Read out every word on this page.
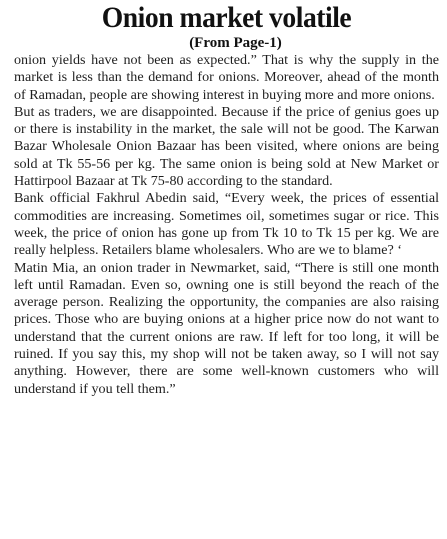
Onion market volatile
(From Page-1)

onion yields have not been as expected.” That is why the supply in the market is less than the demand for onions. Moreover, ahead of the month of Ramadan, people are showing interest in buying more and more onions.

But as traders, we are disappointed. Because if the price of genius goes up or there is instability in the market, the sale will not be good. The Karwan Bazar Wholesale Onion Bazaar has been visited, where onions are being sold at Tk 55-56 per kg. The same onion is being sold at New Market or Hattirpool Bazaar at Tk 75-80 according to the standard.

Bank official Fakhrul Abedin said, “Every week, the prices of essential commodities are increasing. Sometimes oil, sometimes sugar or rice. This week, the price of onion has gone up from Tk 10 to Tk 15 per kg. We are really helpless. Retailers blame wholesalers. Who are we to blame? ‘

Matin Mia, an onion trader in Newmarket, said, “There is still one month left until Ramadan. Even so, owning one is still beyond the reach of the average person. Realizing the opportunity, the companies are also raising prices. Those who are buying onions at a higher price now do not want to understand that the current onions are raw. If left for too long, it will be ruined. If you say this, my shop will not be taken away, so I will not say anything. However, there are some well-known customers who will understand if you tell them.”
